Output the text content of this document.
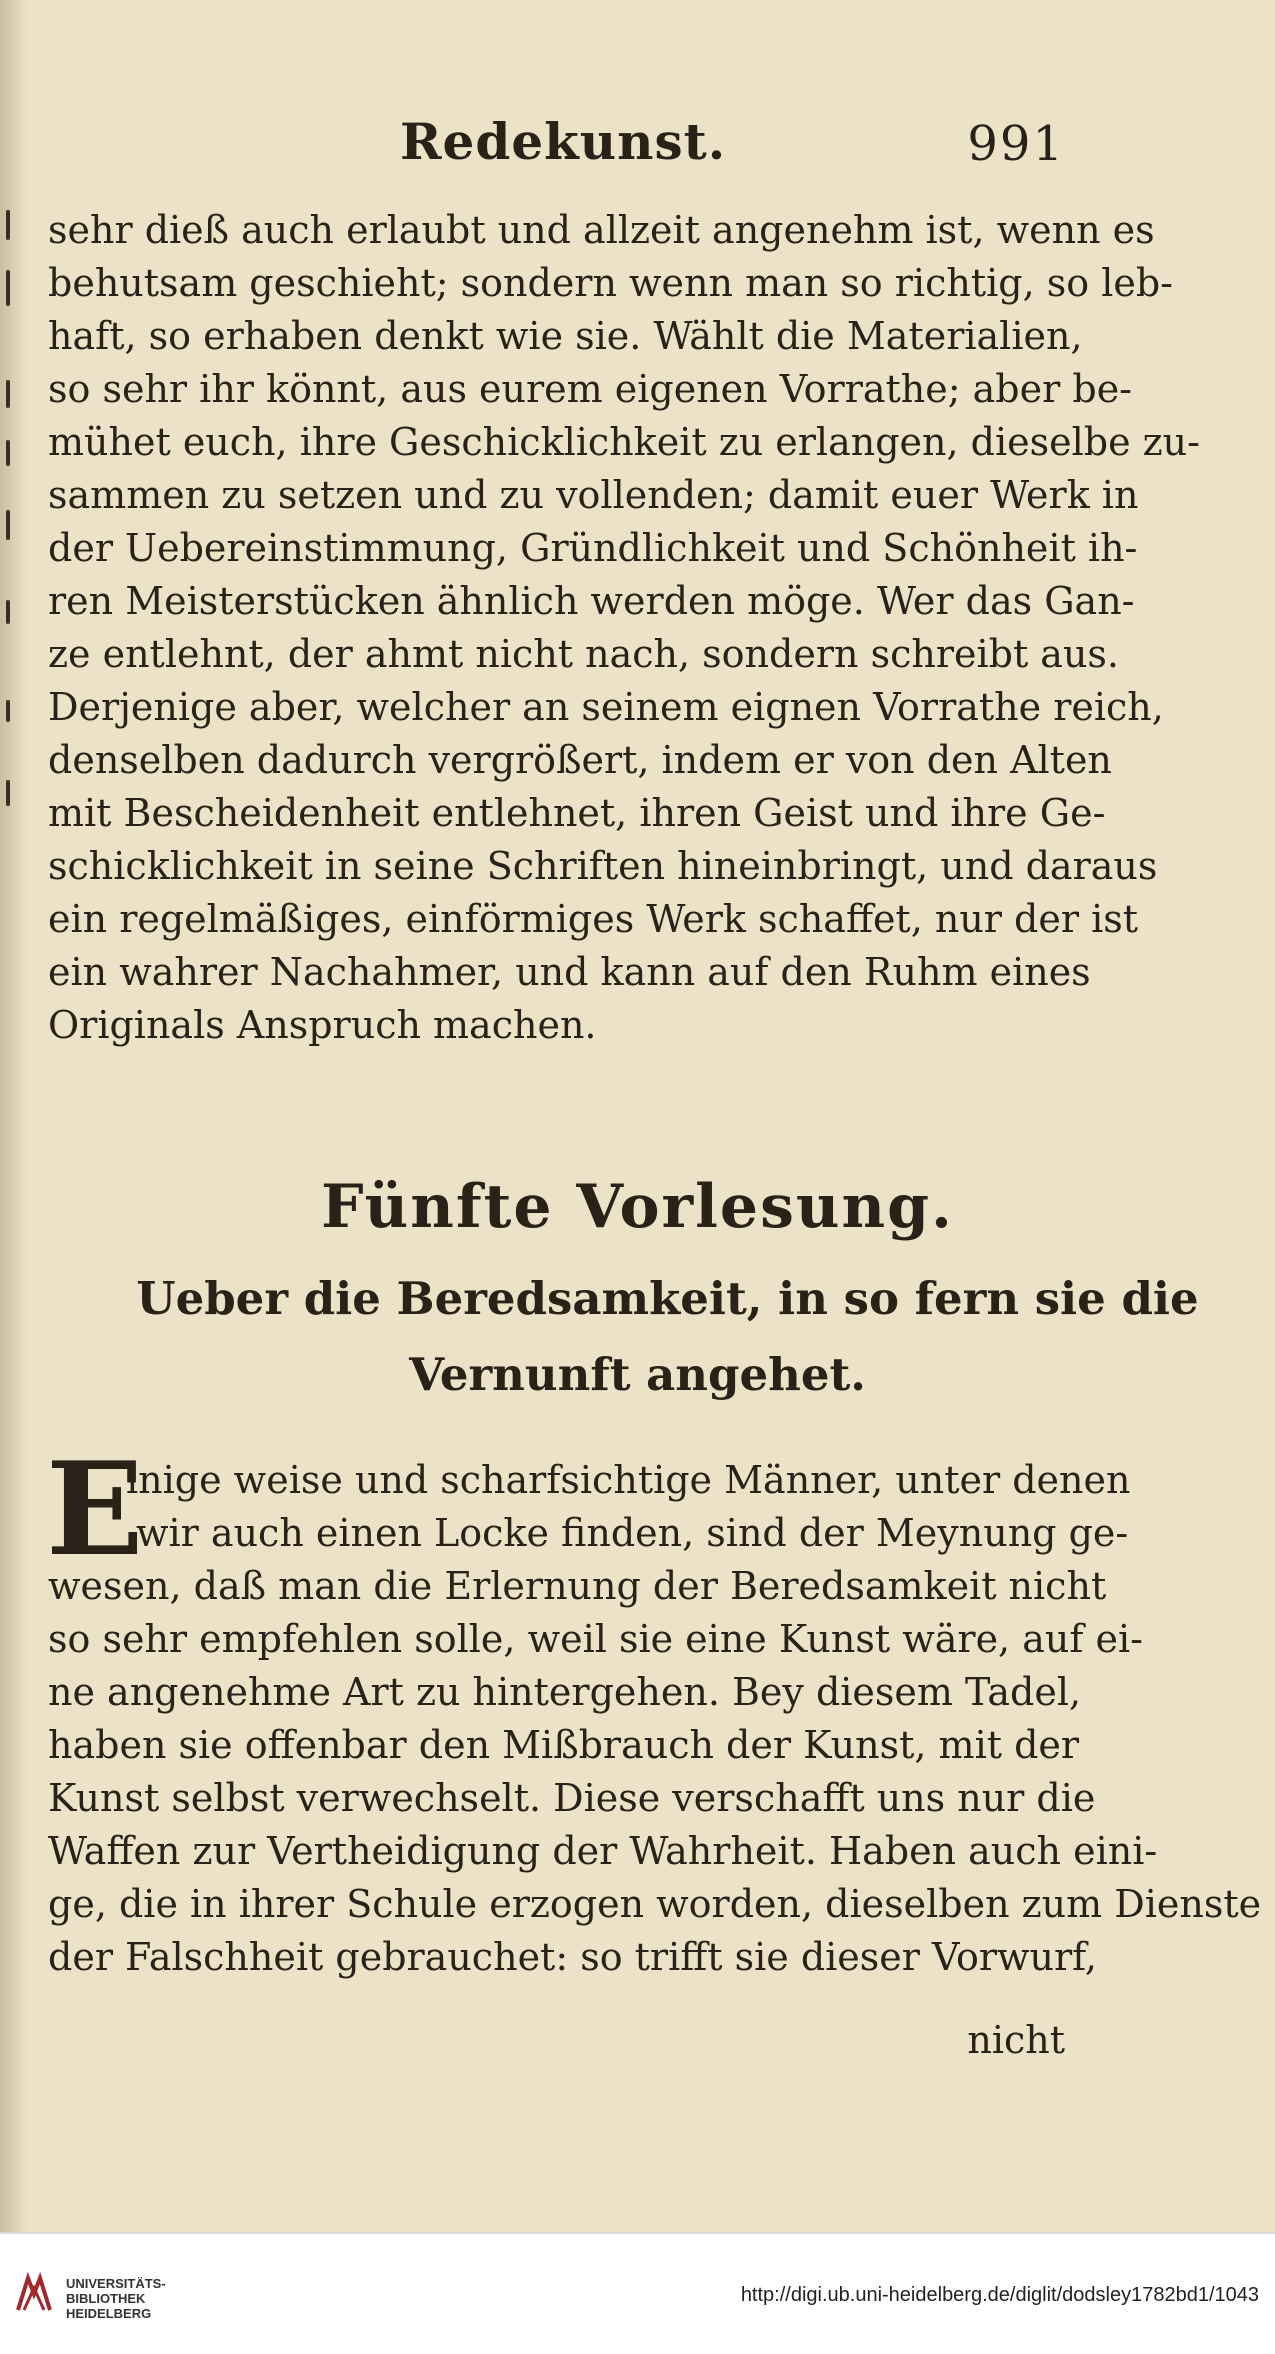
Redekunst.	991
sehr dieß auch erlaubt und allzeit angenehm ist, wenn es
behutsam geschieht; sondern wenn man so richtig, so leb-
haft, so erhaben denkt wie sie. Wählt die Materialien,
so sehr ihr könnt, aus eurem eigenen Vorrathe; aber be-
mühet euch, ihre Geschicklichkeit zu erlangen, dieselbe zu-
sammen zu setzen und zu vollenden; damit euer Werk in
der Uebereinstimmung, Gründlichkeit und Schönheit ih-
ren Meisterstücken ähnlich werden möge. Wer das Gan-
ze entlehnt, der ahmt nicht nach, sondern schreibt aus.
Derjenige aber, welcher an seinem eignen Vorrathe reich,
denselben dadurch vergrößert, indem er von den Alten
mit Bescheidenheit entlehnet, ihren Geist und ihre Ge-
schicklichkeit in seine Schriften hineinbringt, und daraus
ein regelmäßiges, einförmiges Werk schaffet, nur der ist
ein wahrer Nachahmer, und kann auf den Ruhm eines
Originals Anspruch machen.
Fünfte Vorlesung.
Ueber die Beredsamkeit, in so fern sie die
Vernunft angehet.
E
inige weise und scharfsichtige Männer, unter denen
wir auch einen Locke finden, sind der Meynung ge-
wesen, daß man die Erlernung der Beredsamkeit nicht
so sehr empfehlen solle, weil sie eine Kunst wäre, auf ei-
ne angenehme Art zu hintergehen. Bey diesem Tadel,
haben sie offenbar den Mißbrauch der Kunst, mit der
Kunst selbst verwechselt. Diese verschafft uns nur die
Waffen zur Vertheidigung der Wahrheit. Haben auch eini-
ge, die in ihrer Schule erzogen worden, dieselben zum Dienste
der Falschheit gebrauchet: so trifft sie dieser Vorwurf,
nicht
UNIVERSITÄTS-
BIBLIOTHEK
HEIDELBERG
http://digi.ub.uni-heidelberg.de/diglit/dodsley1782bd1/1043
